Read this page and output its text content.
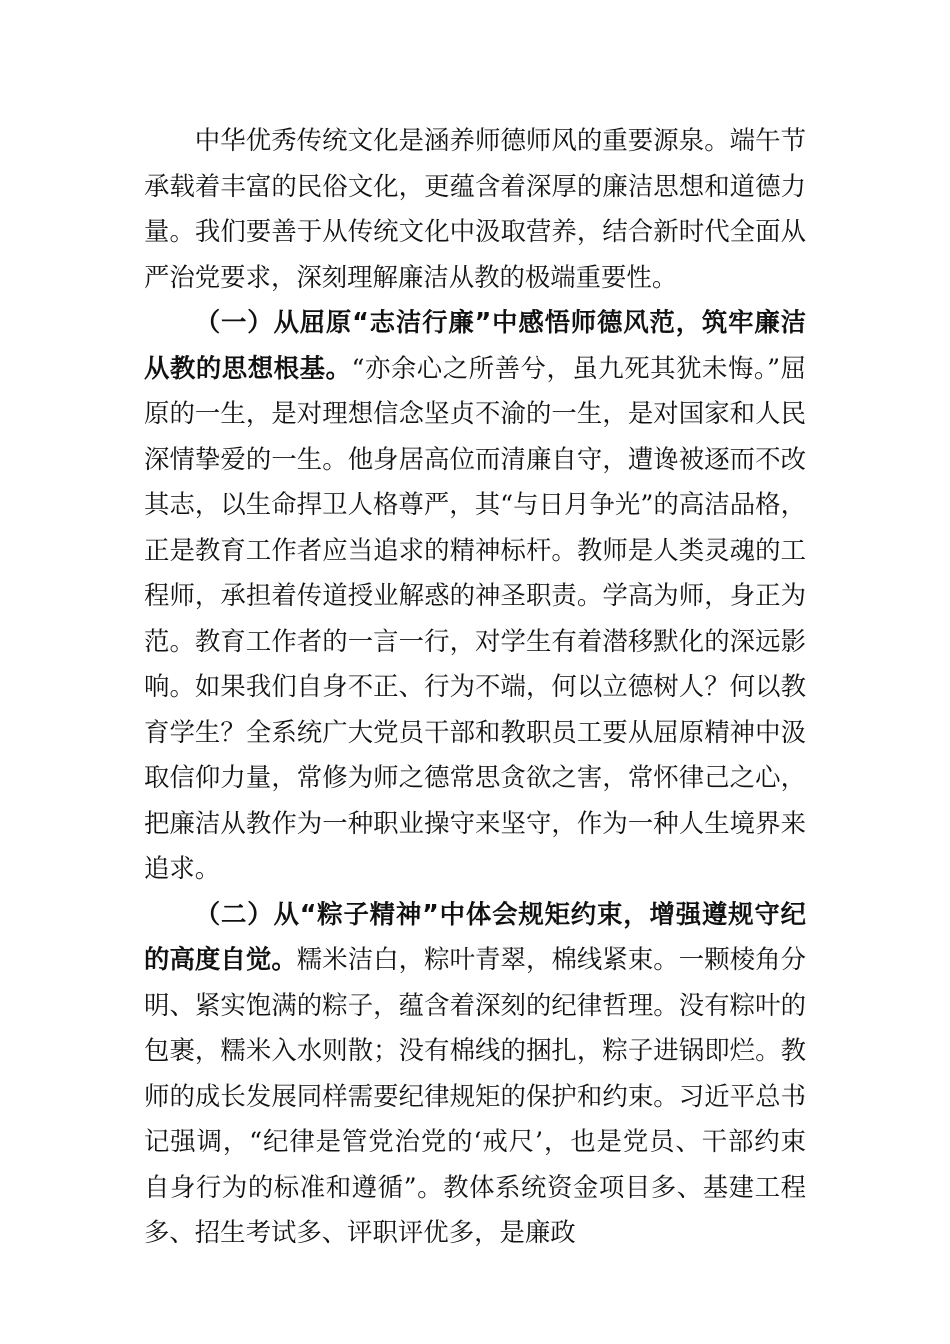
中华优秀传统文化是涵养师德师风的重要源泉。端午节承载着丰富的民俗文化，更蕴含着深厚的廉洁思想和道德力量。我们要善于从传统文化中汲取营养，结合新时代全面从严治党要求，深刻理解廉洁从教的极端重要性。

（一）从屈原“志洁行廉”中感悟师德风范，筑牢廉洁从教的思想根基。“亦余心之所善兮，虽九死其犹未悔。”屈原的一生，是对理想信念坚贞不渝的一生，是对国家和人民深情挚爱的一生。他身居高位而清廉自守，遭谗被逐而不改其志，以生命捍卫人格尊严，其“与日月争光”的高洁品格，正是教育工作者应当追求的精神标杆。教师是人类灵魂的工程师，承担着传道授业解惑的神圣职责。学高为师，身正为范。教育工作者的一言一行，对学生有着潜移默化的深远影响。如果我们自身不正、行为不端，何以立德树人？何以教育学生？全系统广大党员干部和教职员工要从屈原精神中汲取信仰力量，常修为师之德常思贪欲之害，常怀律己之心，把廉洁从教作为一种职业操守来坚守，作为一种人生境界来追求。

（二）从“粽子精神”中体会规矩约束，增强遵规守纪的高度自觉。糯米洁白，粽叶青翠，棉线紧束。一颗棱角分明、紧实饱满的粽子，蕴含着深刻的纪律哲理。没有粽叶的包裹，糯米入水则散；没有棉线的捆扎，粽子进锅即烂。教师的成长发展同样需要纪律规矩的保护和约束。习近平总书记强调，“纪律是管党治党的‘戒尺’，也是党员、干部约束自身行为的标准和遵循”。教体系统资金项目多、基建工程多、招生考试多、评职评优多，是廉政
